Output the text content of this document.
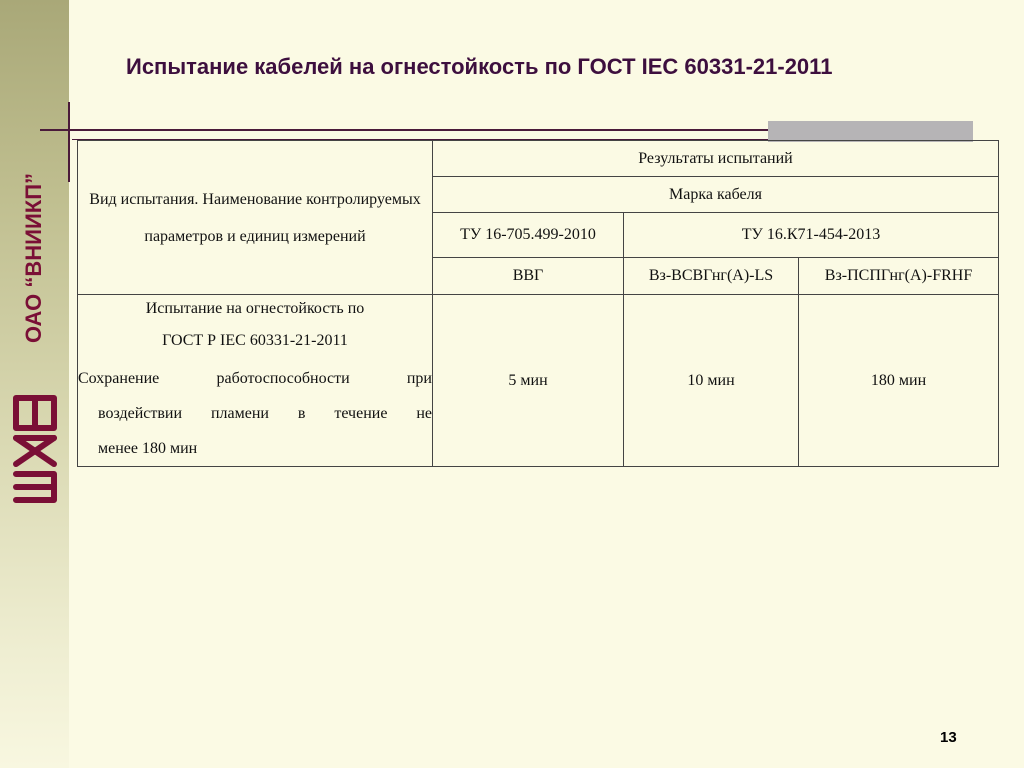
ОАО “ВНИИКП”
Испытание кабелей на огнестойкость по ГОСТ IEC 60331-21-2011
Вид испытания. Наименование контролируемых параметров и единиц измерений	Результаты испытаний		
	Марка кабеля		
	ТУ 16-705.499-2010	ТУ 16.К71-454-2013	
	ВВГ	Вз-ВСВГнг(А)-LS	Вз-ПСПГнг(А)-FRHF

Испытание на огнестойкость по
ГОСТ Р IEC 60331-21-2011
Сохранение работоспособности при
воздействии пламени в течение не
менее 180 мин	5 мин	10 мин	180 мин
13
